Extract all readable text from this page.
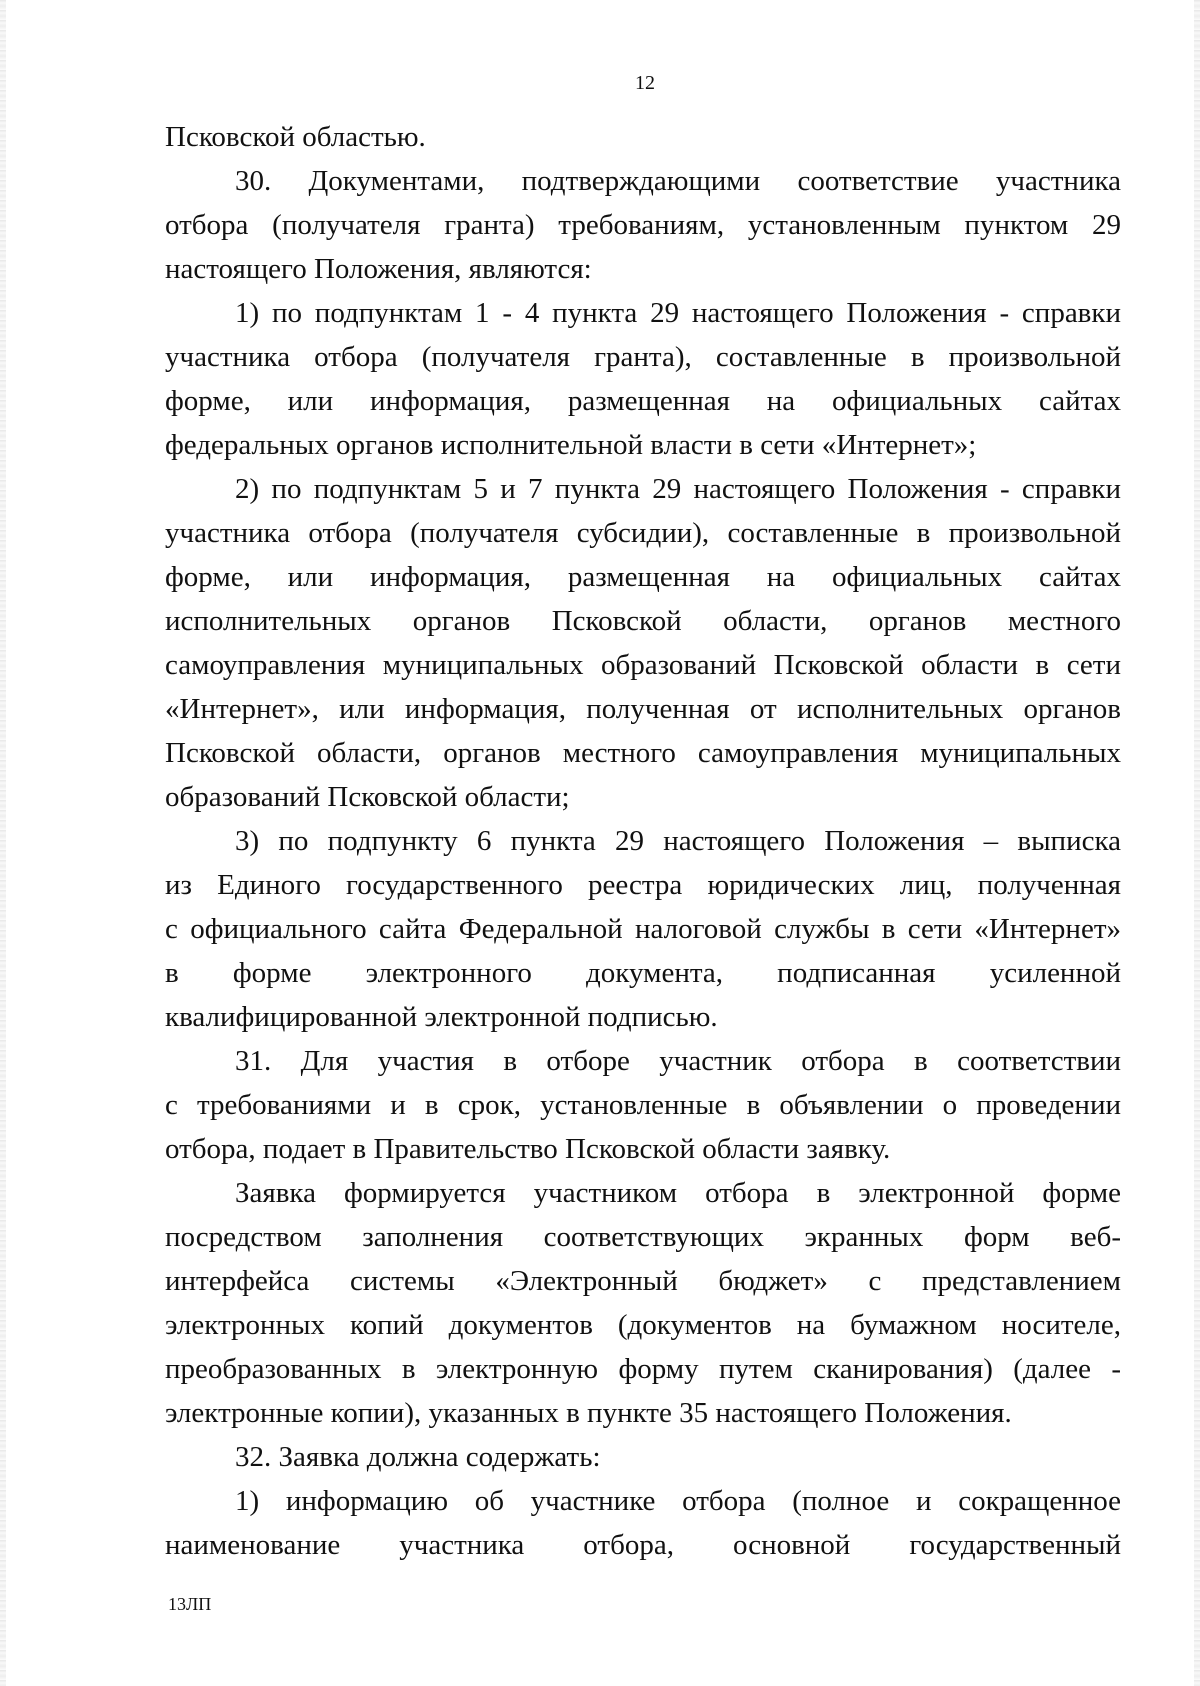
12
Псковской областью.
30. Документами, подтверждающими соответствие участника
отбора (получателя гранта) требованиям, установленным пунктом 29
настоящего Положения, являются:
1) по подпунктам 1 - 4 пункта 29 настоящего Положения - справки
участника отбора (получателя гранта), составленные в произвольной
форме, или информация, размещенная на официальных сайтах
федеральных органов исполнительной власти в сети «Интернет»;
2) по подпунктам 5 и 7 пункта 29 настоящего Положения - справки
участника отбора (получателя субсидии), составленные в произвольной
форме, или информация, размещенная на официальных сайтах
исполнительных органов Псковской области, органов местного
самоуправления муниципальных образований Псковской области в сети
«Интернет», или информация, полученная от исполнительных органов
Псковской области, органов местного самоуправления муниципальных
образований Псковской области;
3) по подпункту 6 пункта 29 настоящего Положения – выписка
из Единого государственного реестра юридических лиц, полученная
с официального сайта Федеральной налоговой службы в сети «Интернет»
в форме электронного документа, подписанная усиленной
квалифицированной электронной подписью.
31. Для участия в отборе участник отбора в соответствии
с требованиями и в срок, установленные в объявлении о проведении
отбора, подает в Правительство Псковской области заявку.
Заявка формируется участником отбора в электронной форме
посредством заполнения соответствующих экранных форм веб-
интерфейса системы «Электронный бюджет» с представлением
электронных копий документов (документов на бумажном носителе,
преобразованных в электронную форму путем сканирования) (далее -
электронные копии), указанных в пункте 35 настоящего Положения.
32. Заявка должна содержать:
1) информацию об участнике отбора (полное и сокращенное
наименование участника отбора, основной государственный
13ЛП
